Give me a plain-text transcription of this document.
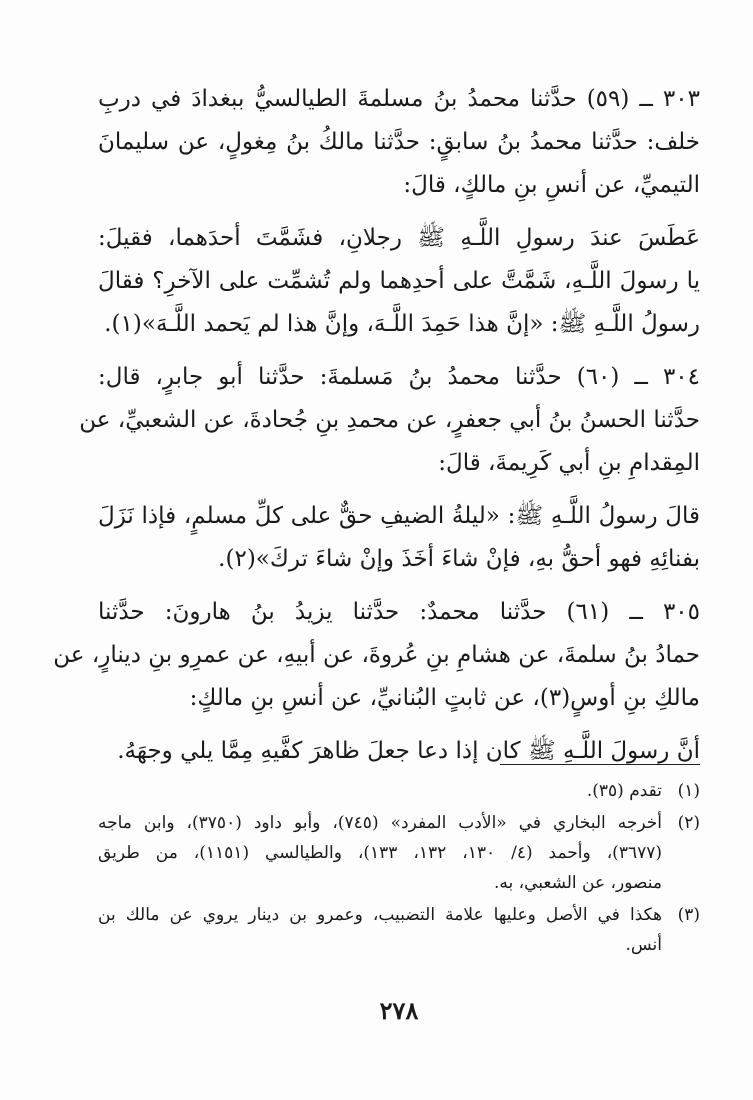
٣٠٣ ــ (٥٩) حدَّثنا محمدُ بنُ مسلمةَ الطيالسيُّ ببغدادَ في دربِ
خلف: حدَّثنا محمدُ بنُ سابقٍ: حدَّثنا مالكُ بنُ مِغولٍ، عن سليمانَ
التيميِّ، عن أنسِ بنِ مالكٍ، قالَ:

عَطَسَ عندَ رسولِ اللَّـهِ ﷺ رجلانِ، فشَمَّتَ أحدَهما، فقيلَ:
يا رسولَ اللَّـهِ، شَمَّتَّ على أحدِهما ولم تُشمِّت على الآخرِ؟ فقالَ
رسولُ اللَّـهِ ﷺ: «إنَّ هذا حَمِدَ اللَّـهَ، وإنَّ هذا لم يَحمد اللَّـهَ»(١).

٣٠٤ ــ (٦٠) حدَّثنا محمدُ بنُ مَسلمةَ: حدَّثنا أبو جابرٍ، قال:
حدَّثنا الحسنُ بنُ أبي جعفرٍ، عن محمدِ بنِ جُحادةَ، عن الشعبيِّ، عن
المِقدامِ بنِ أبي كَرِيمةَ، قالَ:

قالَ رسولُ اللَّـهِ ﷺ: «ليلةُ الضيفِ حقٌّ على كلِّ مسلمٍ، فإذا نَزَلَ
بفنائِهِ فهو أحقُّ بهِ، فإنْ شاءَ أخَذَ وإنْ شاءَ تركَ»(٢).

٣٠٥ ــ (٦١) حدَّثنا محمدٌ: حدَّثنا يزيدُ بنُ هارونَ: حدَّثنا
حمادُ بنُ سلمةَ، عن هشامِ بنِ عُروةَ، عن أبيهِ، عن عمرِو بنِ دينارٍ، عن
مالكِ بنِ أوسٍ(٣)، عن ثابتٍ البُنانيِّ، عن أنسِ بنِ مالكٍ:

أنَّ رسولَ اللَّـهِ ﷺ كان إذا دعا جعلَ ظاهرَ كفَّيهِ مِمَّا يلي وجهَهُ.

(١)
تقدم (٣٥).
(٢)
أخرجه البخاري في «الأدب المفرد» (٧٤٥)، وأبو داود (٣٧٥٠)، وابن ماجه
(٣٦٧٧)، وأحمد (٤/ ١٣٠، ١٣٢، ١٣٣)، والطيالسي (١١٥١)، من طريق
منصور، عن الشعبي، به.
(٣)
هكذا في الأصل وعليها علامة التضبيب، وعمرو بن دينار يروي عن مالك بن
أنس.
٢٧٨
